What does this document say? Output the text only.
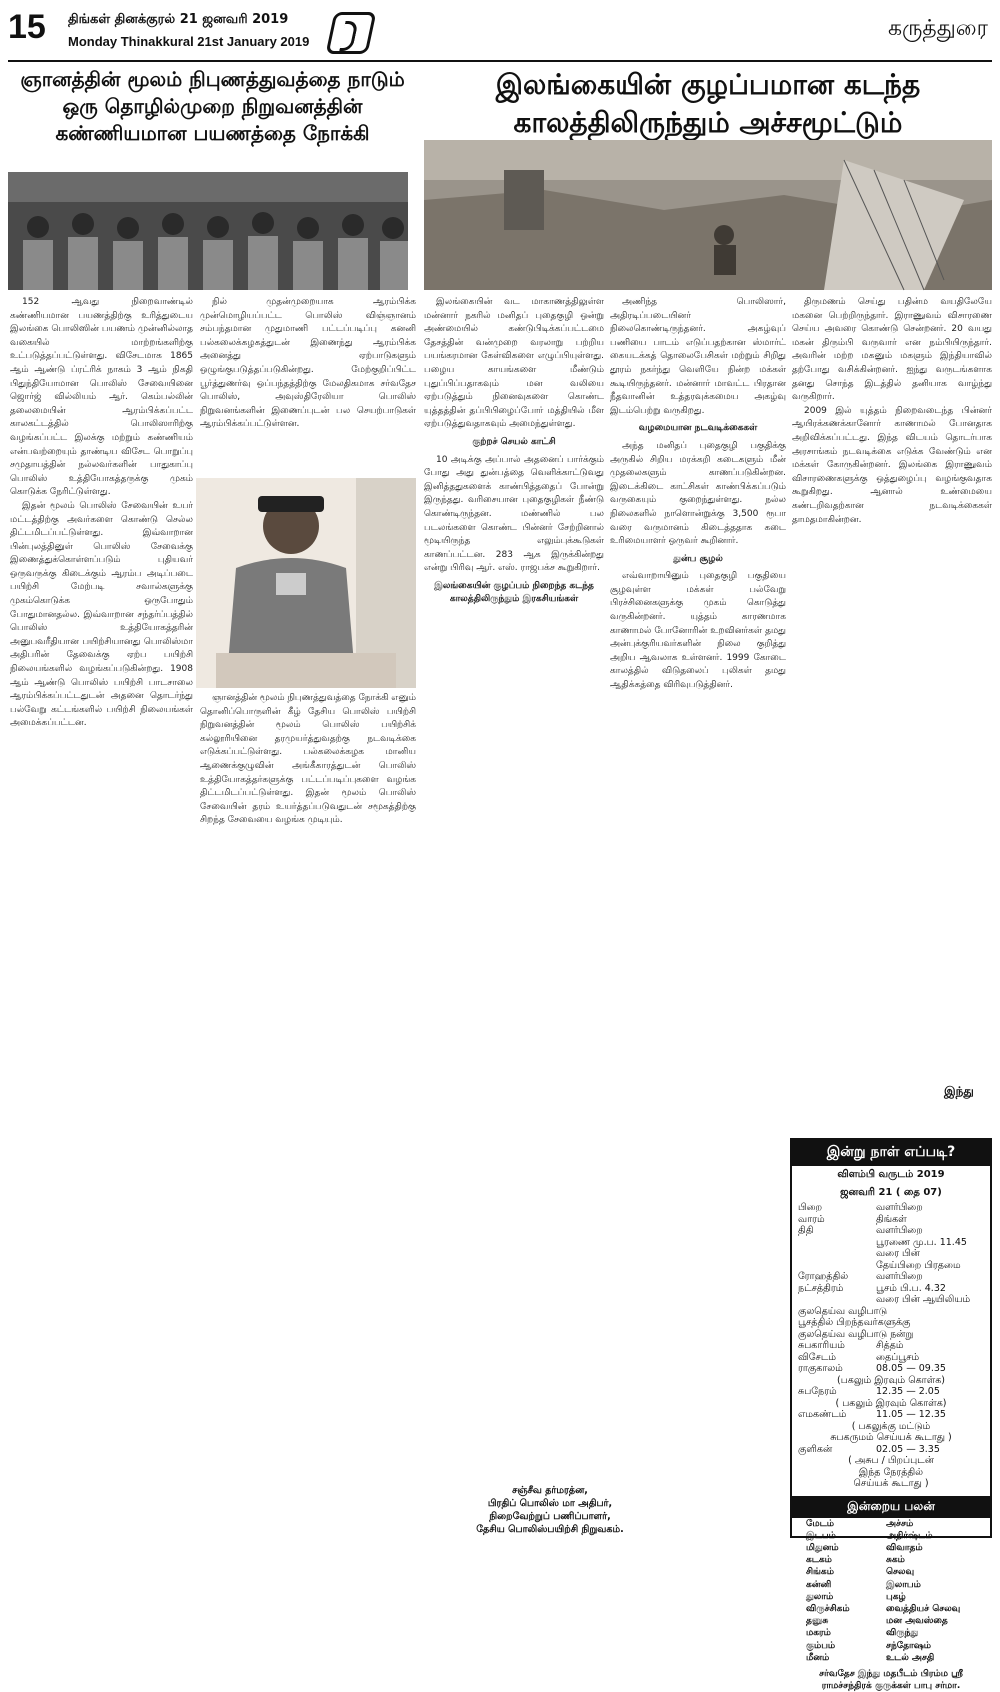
15 திங்கள் தினக்குரல் 21 ஜனவரி 2019
Monday Thinakkural 21st January 2019
கருத்துரை
ஞானத்தின் மூலம் நிபுணத்துவத்தை நாடும் ஒரு தொழில்முறை நிறுவனத்தின் கண்ணியமான பயணத்தை நோக்கி
இலங்கையின் குழப்பமான கடந்த காலத்திலிருந்தும் அச்சமூட்டும்

152 ஆவது நிறைவாண்டில் கண்ணியமான பயணத்திற்கு உரித்துடைய இலங்கை பொலிஸின் பயணம் முன்னில்லாத வகையில் மாற்றங்களிற்கு உட்படுத்தப்பட்டுள்ளது. விசேடமாக 1865 ஆம் ஆண்டு ப்ரட்ரிக் நாகம் 3 ஆம் நிகதி பிதுந்தியோமான பொலிஸ் சேவையினை ஜொர்ஜ் வில்லியம் ஆர். கெம்பல்லின் தலைமையின் ஆரம்பிக்கப்பட்ட காலகட்டத்தில் பொலிஸாரிற்கு வழங்கப்பட்ட இலக்கு மற்றும் கண்ணியம் என்பவற்றையும் தாண்டிய விசேட பொறுப்பு சமுதாயத்தின் நல்லவர்களின் பாதுகாப்பு பொலிஸ் உத்தியோகத்தருக்கு முகம் கொடுக்க நேரிட்டுள்ளது.

இதன் மூலம் பொலிஸ் சேவையின் உயர் மட்டத்திற்கு அவர்களை கொண்டு செல்ல திட்டமிடப்பட்டுள்ளது. இவ்வாறான பின்புலத்தினுள் பொலிஸ் சேவைக்கு இணைத்துக்கொள்ளப்படும் புதியவர் ஒருவருக்கு கிடைக்கும் ஆரம்ப அடிப்படை பயிற்சி மேற்படி சவால்களுக்கு முகம்கொடுக்க ஒருபோதும் போதுமானதல்ல. இவ்வாறான சந்தர்ப்பத்தில் பொலிஸ் உத்தியோகத்தரின் அனுபவரீதியான பயிற்சியானது பொலிஸ்மா அதிபரின் தேவைக்கு ஏற்ப பயிற்சி நிலையங்களில் வழங்கப்படுகின்றது. 1908 ஆம் ஆண்டு பொலிஸ் பயிற்சி பாடசாலை ஆரம்பிக்கப்பட்டதுடன் அதனை தொடர்ந்து பல்வேறு கட்டங்களில் பயிற்சி நிலையங்கள் அமைக்கப்பட்டன.

நில் முதன்முறையாக ஆரம்பிக்க முன்மொழியப்பட்ட பொலிஸ் விஞ்ஞானம் சம்பந்தமான முதுமாணி பட்டப்படிப்பு கனனி பல்கலைக்கழகத்துடன் இணைந்து ஆரம்பிக்க அனைத்து ஏற்பாடுகளும் ஒழுங்குபடுத்தப்படுகின்றது. மேற்குறிப்பிட்ட பூர்த்துணர்வு ஒப்பந்தத்திற்கு மேலதிகமாக சர்வதேச பொலிஸ், அவுஸ்திரேலியா பொலிஸ் நிறுவனங்களின் இணைப்புடன் பல செயற்பாடுகள் ஆரம்பிக்கப்பட்டுள்ளன.

ஞானத்தின் மூலம் நிபுணத்துவத்தை நோக்கி எனும் தொனிப்பொருளின் கீழ் தேசிய பொலிஸ் பயிற்சி நிறுவனத்தின் மூலம் பொலிஸ் பயிற்சிக் கல்லூரியினை தரமுயர்த்துவதற்கு நடவடிக்கை எடுக்கப்பட்டுள்ளது. பல்கலைக்கழக மானிய ஆணைக்குழுவின் அங்கீகாரத்துடன் பொலிஸ் உத்தியோகத்தர்களுக்கு பட்டப்படிப்புகளை வழங்க திட்டமிடப்பட்டுள்ளது. இதன் மூலம் பொலிஸ் சேவையின் தரம் உயர்த்தப்படுவதுடன் சமூகத்திற்கு சிறந்த சேவையை வழங்க முடியும்.

சஞ்சீவ தர்மரத்ன,
பிரதிப் பொலிஸ் மா அதிபர்,
நிறைவேற்றுப் பணிப்பாளர்,
தேசிய பொலிஸ்பயிற்சி நிறுவகம்.

இலங்கையின் வட மாகாணத்திலுள்ள மன்னார் நகரில் மனிதப் புதைகுழி ஒன்று அண்மையில் கண்டுபிடிக்கப்பட்டமை தேசத்தின் வன்முறை வரலாறு பற்றிய பயங்கரமான கேள்விகளை எழுப்பியுள்ளது. பழைய காயங்களை மீண்டும் புதுப்பிப்பதாகவும் மன வலியை ஏற்படுத்தும் நினைவுகளை கொண்ட யுத்தத்தின் தப்பிபிழைப்போர் மத்தியில் மீள ஏற்படுத்துவதாகவும் அமைந்துள்ளது.

குற்றச் செயல் காட்சி

10 அடிக்கு அப்பால் அதனைப் பார்க்கும் போது அது துன்பத்தை வெளிக்காட்டுவது இனித்ததுகளைக் காண்பித்ததைப் போன்று இருந்தது. வரிசையான புதைகுழிகள் நீண்டு கொண்டிருந்தன. மண்ணில் பல படலங்களை கொண்ட பின்னர் சேற்றினால் மூடியிருந்த எலும்புக்கூடுகள் காணப்பட்டன. 283 ஆக இருக்கின்றது என்று பிரிவு ஆர். எஸ். ராஜபக்ச கூறுகிறார்.

இலங்கையின் குழப்பம் நிறைந்த கடந்த காலத்திலிருந்தும் இரகசியங்கள்

அணிந்த பொலிஸார், அதிரடிப்படையினர் நிலைகொண்டிருந்தனர். அகழ்வுப் பணியை பாடம் எடுப்பதற்கான ஸ்மார்ட் கையடக்கத் தொலைபேசிகள் மற்றும் சிறிது தூரம் நகர்ந்து வெளியே நின்ற மக்கள் கூடியிருந்தனர். மன்னார் மாவட்ட பிரதான நீதவானின் உத்தரவுக்கமைய அகழ்வு இடம்பெற்று வருகிறது.

வழமையான நடவடிக்கைகள்

அந்த மனிதப் புதைகுழி பகுதிக்கு அருகில் சிறிய மரக்கறி கடைகளும் மீன் முதலைகளும் காணப்படுகின்றன. இடைக்கிடை காட்சிகள் காண்பிக்கப்படும் வருகையும் குறைந்துள்ளது. நல்ல நிலைகளில் நாளொன்றுக்கு 3,500 ரூபா வரை வருமானம் கிடைத்ததாக கடை உரிமையாளர் ஒருவர் கூறினார்.

துன்ப சூழல்

எவ்வாறாயினும் புதைகுழி பகுதியை சூழவுள்ள மக்கள் பல்வேறு பிரச்சினைகளுக்கு முகம் கொடுத்து வருகின்றனர். யுத்தம் காரணமாக காணாமல் போனோரின் உறவினர்கள் தமது அன்புக்குரியவர்களின் நிலை குறித்து அறிய ஆவலாக உள்ளனர். 1999 கோடை காலத்தில் விடுதலைப் புலிகள் தமது ஆதிக்கத்தை விரிவுபடுத்தினர்.

திருமணம் செய்து பதின்ம வயதிலேயே மகனை பெற்றிருந்தார். இராணுவம் விசாரணை செய்ய அவரை கொண்டு சென்றனர். 20 வயது மகன் திரும்பி வருவார் என நம்பியிருந்தார். அவரின் மற்ற மகனும் மகளும் இந்தியாவில் தற்போது வசிக்கின்றனர். ஐந்து வருடங்களாக தனது சொந்த இடத்தில் தனியாக வாழ்ந்து வருகிறார்.

2009 இல் யுத்தம் நிறைவடைந்த பின்னர் ஆயிரக்கணக்கானோர் காணாமல் போனதாக அறிவிக்கப்பட்டது. இந்த விடயம் தொடர்பாக அரசாங்கம் நடவடிக்கை எடுக்க வேண்டும் என மக்கள் கோருகின்றனர். இலங்கை இராணுவம் விசாரணைகளுக்கு ஒத்துழைப்பு வழங்குவதாக கூறுகிறது. ஆனால் உண்மையை கண்டறிவதற்கான நடவடிக்கைகள் தாமதமாகின்றன.

இந்து
இன்று நாள் எப்படி?
விளம்பி வருடம் 2019
ஜனவரி 21 ( தை 07)
பிறை	வளர்பிறை
வாரம்	திங்கள்
திதி	வளர்பிறை
பூரணை மு.ப. 11.45
வரை பின்
தேய்பிறை பிரதமை
ரோஹத்தில்	வளர்பிறை
நட்சத்திரம்	பூசம் பி.ப. 4.32
வரை பின் ஆயிலியம்
குலதெய்வ வழிபாடு
பூசத்தில் பிறந்தவர்களுக்கு
குலதெய்வ வழிபாடு நன்று
சுபகாரியம்	சித்தம்
விசேடம்	தைப்பூசம்
ராகுகாலம்	08.05 — 09.35
(பகலும் இரவும் கொள்க)
சுபநேரம்	12.35 — 2.05
( பகலும் இரவும் கொள்க)
எமகண்டம்	11.05 — 12.35
( பகலுக்கு மட்டும்
சுபகருமம் செய்யக் கூடாது )
குளிகன்	02.05 — 3.35
( அசுப / பிறப்புடன்
இந்த நேரத்தில்
செய்யக் கூடாது )
இன்றைய பலன்
மேடம்	அச்சம்
இடபம்	அதிர்ஷ்டம்
மிதுனம்	விவாதம்
கடகம்	சுகம்
சிங்கம்	செலவு
கன்னி	இலாபம்
துலாம்	புகழ்
விருச்சிகம்	வைத்தியச் செலவு
தனுசு	மன அவஸ்தை
மகரம்	விருந்து
கும்பம்	சந்தோஷம்
மீனம்	உடல் அசதி
சர்வதேச இந்து மதபீடம் பிரம்ம ஸ்ரீ ராமச்சந்திரக் குருக்கள் பாபு சர்மா.
